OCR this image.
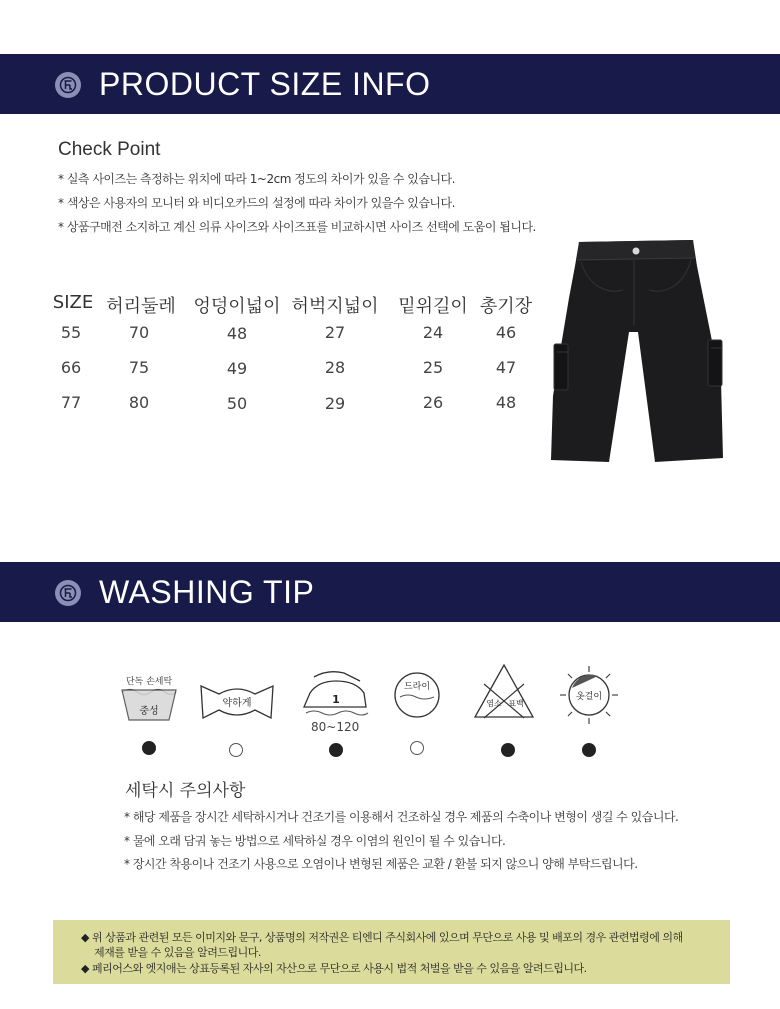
PRODUCT SIZE INFO
Check Point
* 실측 사이즈는 측정하는 위치에 따라 1~2cm 정도의 차이가 있을 수 있습니다.
* 색상은 사용자의 모니터 와 비디오카드의 설정에 따라 차이가 있을수 있습니다.
* 상품구매전 소지하고 계신 의류 사이즈와 사이즈표를 비교하시면 사이즈 선택에 도움이 됩니다.
SIZE 허리둘레 엉덩이넓이 허벅지넓이 밑위길이 총기장
55	70	48	27	24	46
66	75	49	28	25	47
77	80	50	29	26	48
WASHING TIP
단독 손세탁
중성
약하게	1
80~120
드라이
염소 표백
옷걸이
세탁시 주의사항
* 해당 제품을 장시간 세탁하시거나 건조기를 이용해서 건조하실 경우 제품의 수축이나 변형이 생길 수 있습니다.
* 물에 오래 담궈 놓는 방법으로 세탁하실 경우 이염의 원인이 될 수 있습니다.
* 장시간 착용이나 건조기 사용으로 오염이나 변형된 제품은 교환 / 환불 되지 않으니 양해 부탁드립니다.
◆ 위 상품과 관련된 모든 이미지와 문구, 상품명의 저작권은 티엔디 주식회사에 있으며 무단으로 사용 및 배포의 경우 관련법령에 의해
제재를 받을 수 있음을 알려드립니다.
◆ 페리어스와 엣지애는 상표등록된 자사의 자산으로 무단으로 사용시 법적 처벌을 받을 수 있음을 알려드립니다.
